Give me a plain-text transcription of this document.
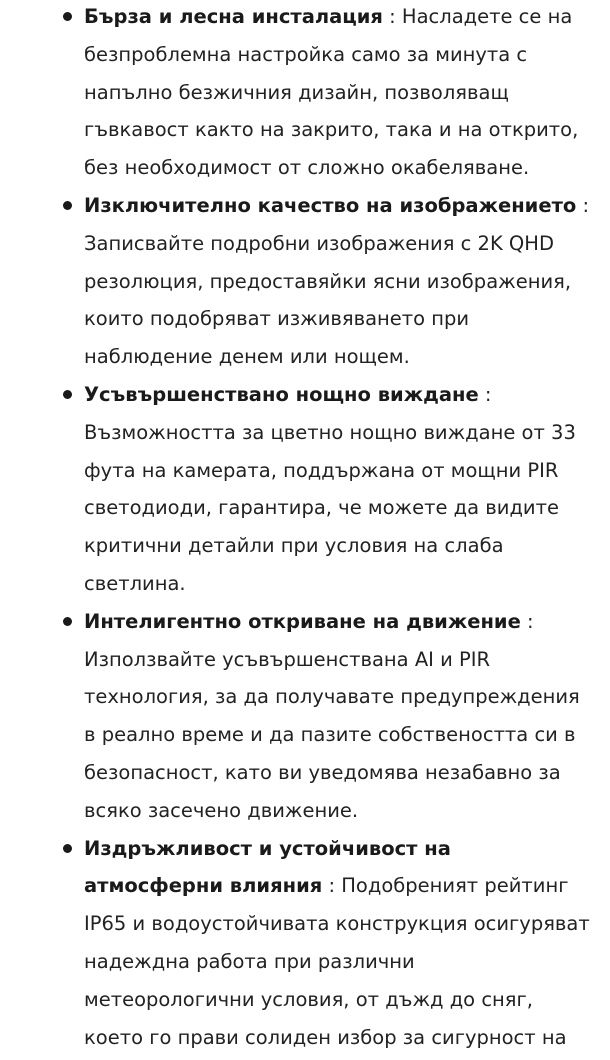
Бърза и лесна инсталация : Насладете се на безпроблемна настройка само за минута с напълно безжичния дизайн, позволяващ гъвкавост както на закрито, така и на открито, без необходимост от сложно окабеляване.
Изключително качество на изображението : Записвайте подробни изображения с 2K QHD резолюция, предоставяйки ясни изображения, които подобряват изживяването при наблюдение денем или нощем.
Усъвършенствано нощно виждане : Възможността за цветно нощно виждане от 33 фута на камерата, поддържана от мощни PIR светодиоди, гарантира, че можете да видите критични детайли при условия на слаба светлина.
Интелигентно откриване на движение : Използвайте усъвършенствана AI и PIR технология, за да получавате предупреждения в реално време и да пазите собствеността си в безопасност, като ви уведомява незабавно за всяко засечено движение.
Издръжливост и устойчивост на атмосферни влияния : Подобреният рейтинг IP65 и водоустойчивата конструкция осигуряват надеждна работа при различни метеорологични условия, от дъжд до сняг, което го прави солиден избор за сигурност на
